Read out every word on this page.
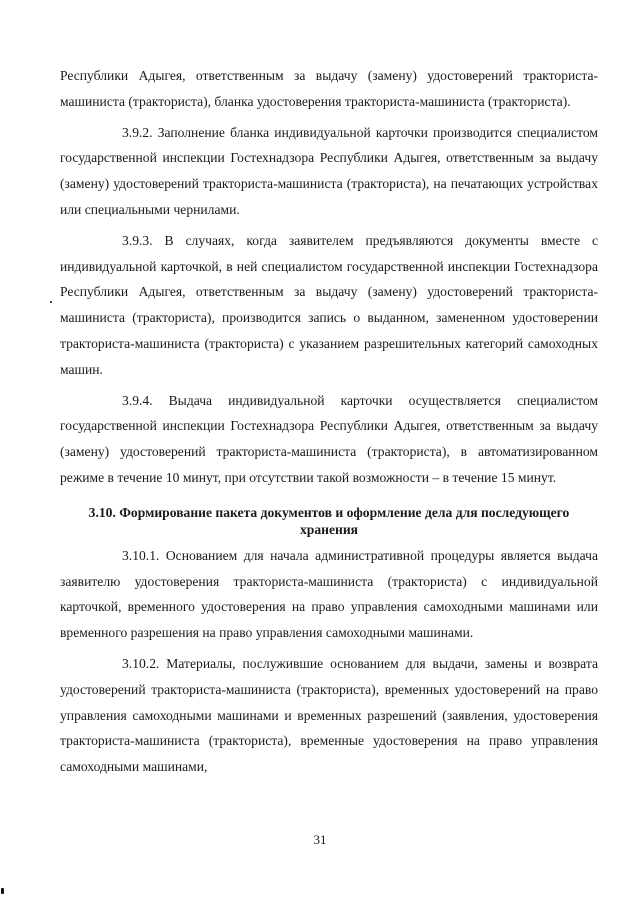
Республики Адыгея, ответственным за выдачу (замену) удостоверений тракториста-машиниста (тракториста), бланка удостоверения тракториста-машиниста (тракториста).

3.9.2. Заполнение бланка индивидуальной карточки производится специалистом государственной инспекции Гостехнадзора Республики Адыгея, ответственным за выдачу (замену) удостоверений тракториста-машиниста (тракториста), на печатающих устройствах или специальными чернилами.

3.9.3. В случаях, когда заявителем предъявляются документы вместе с индивидуальной карточкой, в ней специалистом государственной инспекции Гостехнадзора Республики Адыгея, ответственным за выдачу (замену) удостоверений тракториста-машиниста (тракториста), производится запись о выданном, замененном удостоверении тракториста-машиниста (тракториста) с указанием разрешительных категорий самоходных машин.

3.9.4. Выдача индивидуальной карточки осуществляется специалистом государственной инспекции Гостехнадзора Республики Адыгея, ответственным за выдачу (замену) удостоверений тракториста-машиниста (тракториста), в автоматизированном режиме в течение 10 минут, при отсутствии такой возможности – в течение 15 минут.

3.10. Формирование пакета документов и оформление дела для последующего хранения

3.10.1. Основанием для начала административной процедуры является выдача заявителю удостоверения тракториста-машиниста (тракториста) с индивидуальной карточкой, временного удостоверения на право управления самоходными машинами или временного разрешения на право управления самоходными машинами.

3.10.2. Материалы, послужившие основанием для выдачи, замены и возврата удостоверений тракториста-машиниста (тракториста), временных удостоверений на право управления самоходными машинами и временных разрешений (заявления, удостоверения тракториста-машиниста (тракториста), временные удостоверения на право управления самоходными машинами,

31
